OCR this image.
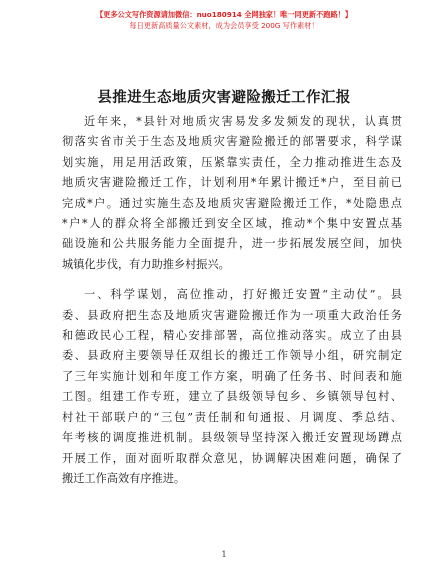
【更多公文写作资源请加微信：nuo180914 全网独家！唯一同更新不跑路！】
每日更新高质量公文素材，成为会员享受 200G 写作素材！
县推进生态地质灾害避险搬迁工作汇报
近年来，*县针对地质灾害易发多发频发的现状，认真贯
彻落实省市关于生态及地质灾害避险搬迁的部署要求，科学谋
划实施，用足用活政策，压紧靠实责任，全力推动推进生态及
地质灾害避险搬迁工作，计划利用*年累计搬迁*户，至目前已
完成*户。通过实施生态及地质灾害避险搬迁工作，*处隐患点
*户*人的群众将全部搬迁到安全区域，推动*个集中安置点基
础设施和公共服务能力全面提升，进一步拓展发展空间，加快
城镇化步伐，有力助推乡村振兴。
一、科学谋划，高位推动，打好搬迁安置“主动仗”。县
委、县政府把生态及地质灾害避险搬迁作为一项重大政治任务
和德政民心工程，精心安排部署，高位推动落实。成立了由县
委、县政府主要领导任双组长的搬迁工作领导小组，研究制定
了三年实施计划和年度工作方案，明确了任务书、时间表和施
工图。组建工作专班，建立了县级领导包乡、乡镇领导包村、
村社干部联户的“三包”责任制和旬通报、月调度、季总结、
年考核的调度推进机制。县级领导坚持深入搬迁安置现场蹲点
开展工作，面对面听取群众意见，协调解决困难问题，确保了
搬迁工作高效有序推进。
1
